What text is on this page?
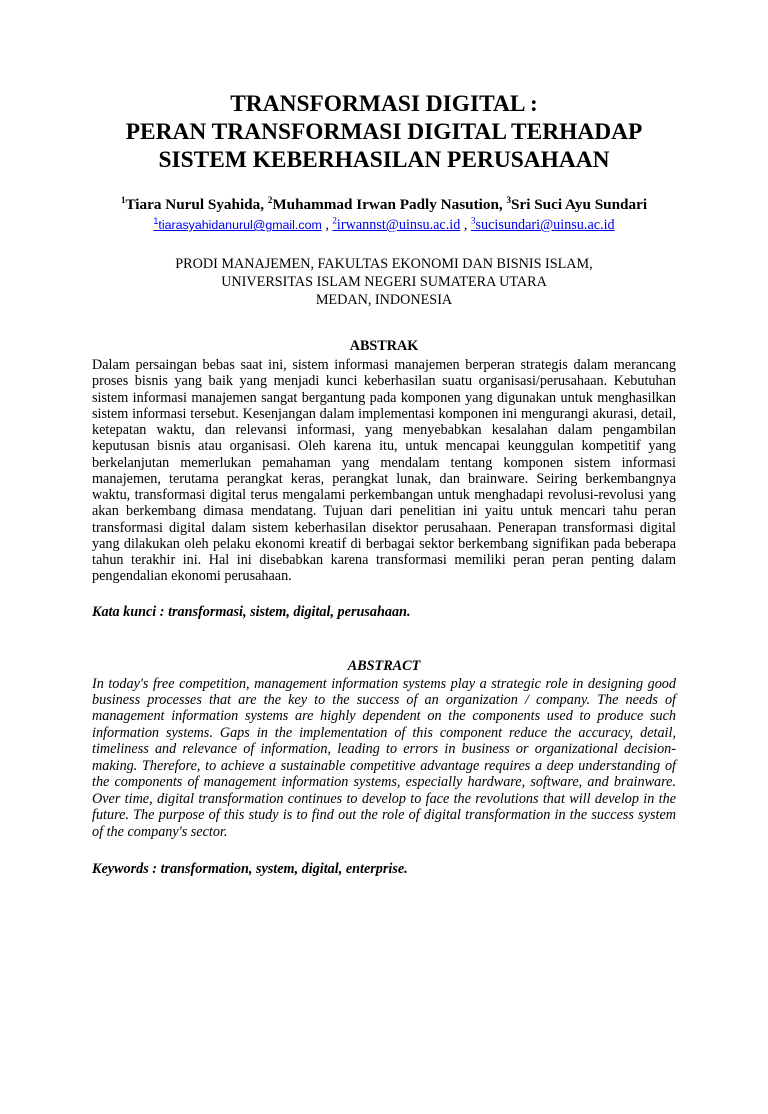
TRANSFORMASI DIGITAL :
PERAN TRANSFORMASI DIGITAL TERHADAP
SISTEM KEBERHASILAN PERUSAHAAN
$^1$Tiara Nurul Syahida, $^2$Muhammad Irwan Padly Nasution, $^3$Sri Suci Ayu Sundari
$^1$tiarasyahidanurul@gmail.com , $^2$irwannst@uinsu.ac.id , $^3$sucisundari@uinsu.ac.id
PRODI MANAJEMEN, FAKULTAS EKONOMI DAN BISNIS ISLAM,
UNIVERSITAS ISLAM NEGERI SUMATERA UTARA
MEDAN, INDONESIA
ABSTRAK
Dalam persaingan bebas saat ini, sistem informasi manajemen berperan strategis dalam merancang proses bisnis yang baik yang menjadi kunci keberhasilan suatu organisasi/perusahaan. Kebutuhan sistem informasi manajemen sangat bergantung pada komponen yang digunakan untuk menghasilkan sistem informasi tersebut. Kesenjangan dalam implementasi komponen ini mengurangi akurasi, detail, ketepatan waktu, dan relevansi informasi, yang menyebabkan kesalahan dalam pengambilan keputusan bisnis atau organisasi. Oleh karena itu, untuk mencapai keunggulan kompetitif yang berkelanjutan memerlukan pemahaman yang mendalam tentang komponen sistem informasi manajemen, terutama perangkat keras, perangkat lunak, dan brainware. Seiring berkembangnya waktu, transformasi digital terus mengalami perkembangan untuk menghadapi revolusi-revolusi yang akan berkembang dimasa mendatang. Tujuan dari penelitian ini yaitu untuk mencari tahu peran transformasi digital dalam sistem keberhasilan disektor perusahaan. Penerapan transformasi digital yang dilakukan oleh pelaku ekonomi kreatif di berbagai sektor berkembang signifikan pada beberapa tahun terakhir ini. Hal ini disebabkan karena transformasi memiliki peran peran penting dalam pengendalian ekonomi perusahaan.
Kata kunci : transformasi, sistem, digital, perusahaan.
ABSTRACT
In today's free competition, management information systems play a strategic role in designing good business processes that are the key to the success of an organization / company. The needs of management information systems are highly dependent on the components used to produce such information systems. Gaps in the implementation of this component reduce the accuracy, detail, timeliness and relevance of information, leading to errors in business or organizational decision-making. Therefore, to achieve a sustainable competitive advantage requires a deep understanding of the components of management information systems, especially hardware, software, and brainware. Over time, digital transformation continues to develop to face the revolutions that will develop in the future. The purpose of this study is to find out the role of digital transformation in the success system of the company's sector.
Keywords : transformation, system, digital, enterprise.
